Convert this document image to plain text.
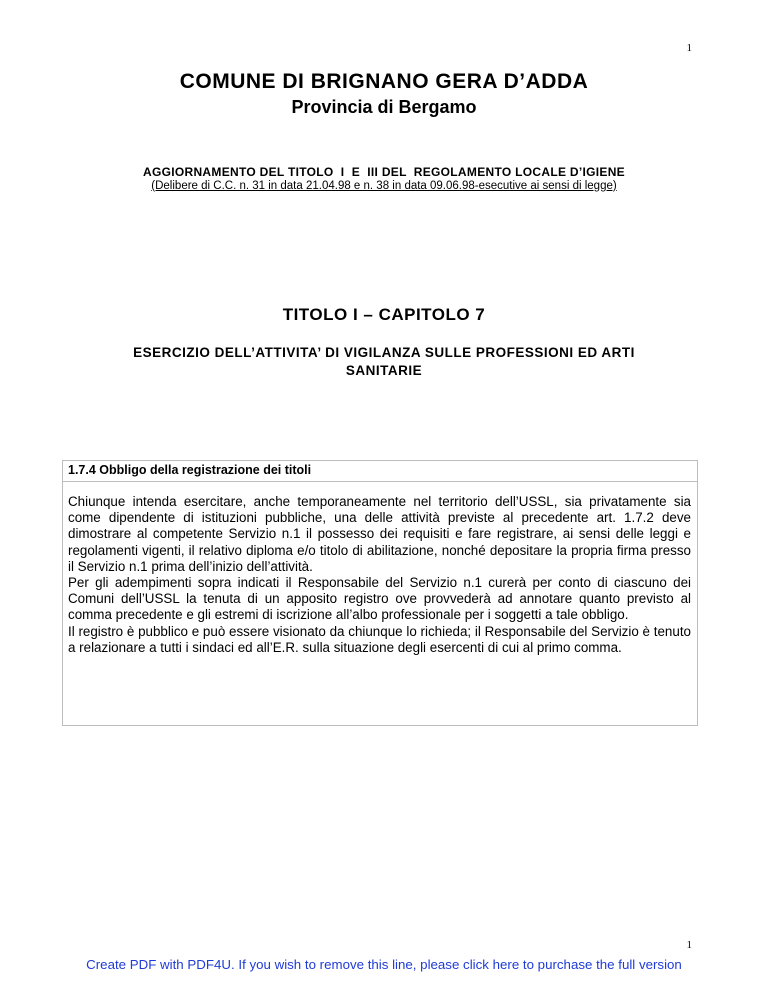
1
COMUNE DI BRIGNANO GERA D’ADDA
Provincia di Bergamo
AGGIORNAMENTO DEL TITOLO  I  E  III DEL  REGOLAMENTO LOCALE D’IGIENE
(Delibere di C.C. n. 31 in data 21.04.98 e n. 38 in data 09.06.98-esecutive ai sensi di legge)
TITOLO I – CAPITOLO 7
ESERCIZIO DELL’ATTIVITA’ DI VIGILANZA SULLE PROFESSIONI ED ARTI SANITARIE
1.7.4 Obbligo della registrazione dei titoli

Chiunque intenda esercitare, anche temporaneamente nel territorio dell’USSL, sia privatamente sia come dipendente di istituzioni pubbliche, una delle attività previste al precedente art. 1.7.2 deve dimostrare al competente Servizio n.1 il possesso dei requisiti e fare registrare, ai sensi delle leggi e regolamenti vigenti, il relativo diploma e/o titolo di abilitazione, nonché depositare la propria firma presso il Servizio n.1 prima dell’inizio dell’attività.

Per gli adempimenti sopra indicati il Responsabile del Servizio n.1 curerà per conto di ciascuno dei Comuni dell’USSL la tenuta di un apposito registro ove provvederà ad annotare quanto previsto al comma precedente e gli estremi di iscrizione all’albo professionale per i soggetti a tale obbligo.

Il registro è pubblico e può essere visionato da chiunque lo richieda; il Responsabile del Servizio è tenuto a relazionare a tutti i sindaci ed all’E.R. sulla situazione degli esercenti di cui al primo comma.

1
Create PDF with PDF4U. If you wish to remove this line, please click here to purchase the full version
